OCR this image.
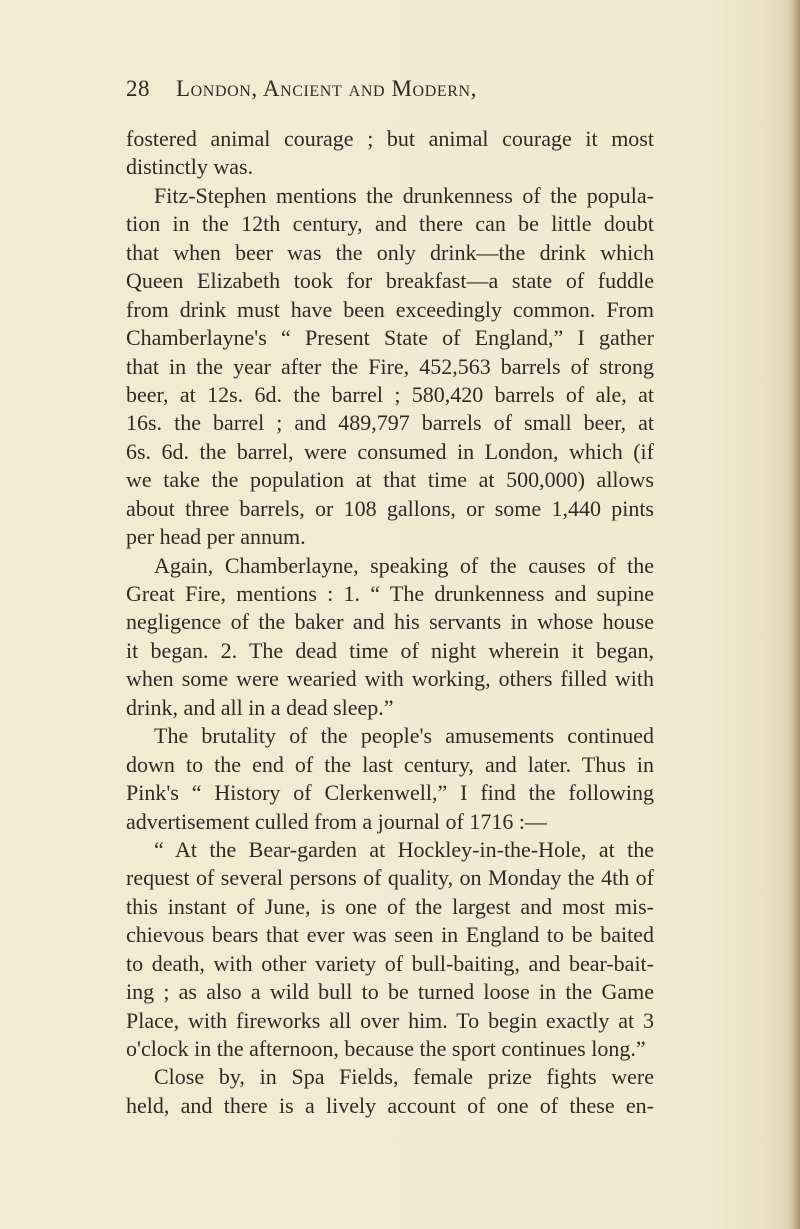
28	London, Ancient and Modern,
fostered animal courage ; but animal courage it most
distinctly was.
Fitz-Stephen mentions the drunkenness of the popula-
tion in the 12th century, and there can be little doubt
that when beer was the only drink—the drink which
Queen Elizabeth took for breakfast—a state of fuddle
from drink must have been exceedingly common. From
Chamberlayne's “ Present State of England,” I gather
that in the year after the Fire, 452,563 barrels of strong
beer, at 12s. 6d. the barrel ; 580,420 barrels of ale, at
16s. the barrel ; and 489,797 barrels of small beer, at
6s. 6d. the barrel, were consumed in London, which (if
we take the population at that time at 500,000) allows
about three barrels, or 108 gallons, or some 1,440 pints
per head per annum.
Again, Chamberlayne, speaking of the causes of the
Great Fire, mentions : 1. “ The drunkenness and supine
negligence of the baker and his servants in whose house
it began. 2. The dead time of night wherein it began,
when some were wearied with working, others filled with
drink, and all in a dead sleep.”
The brutality of the people's amusements continued
down to the end of the last century, and later. Thus in
Pink's “ History of Clerkenwell,” I find the following
advertisement culled from a journal of 1716 :—
“ At the Bear-garden at Hockley-in-the-Hole, at the
request of several persons of quality, on Monday the 4th of
this instant of June, is one of the largest and most mis-
chievous bears that ever was seen in England to be baited
to death, with other variety of bull-baiting, and bear-bait-
ing ; as also a wild bull to be turned loose in the Game
Place, with fireworks all over him. To begin exactly at 3
o'clock in the afternoon, because the sport continues long.”
Close by, in Spa Fields, female prize fights were
held, and there is a lively account of one of these en-
